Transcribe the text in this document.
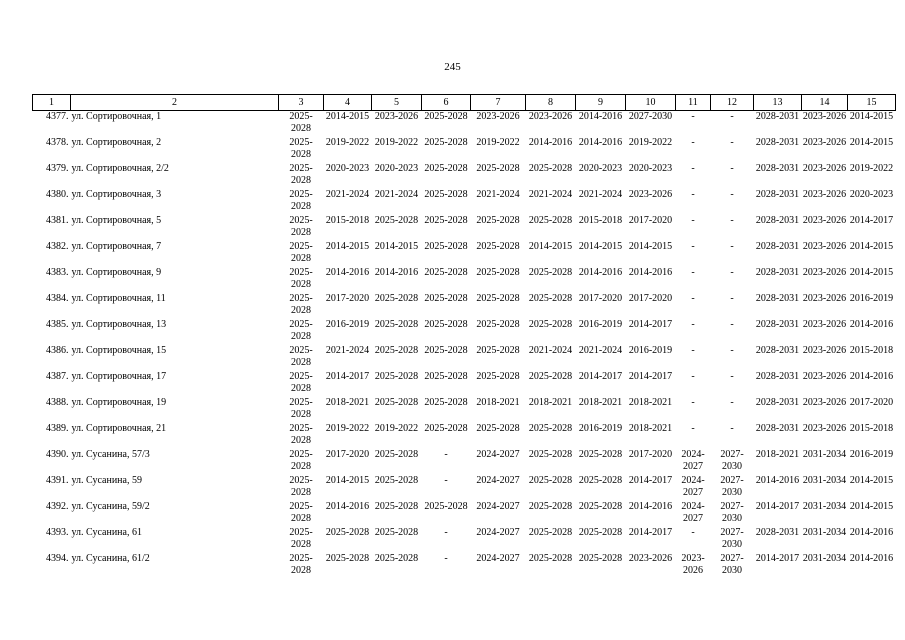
245
1	2	3	4	5	6	7	8	9	10	11	12	13	14	15
4377.	ул. Сортировочная, 1	2025-2028	2014-2015	2023-2026	2025-2028	2023-2026	2023-2026	2014-2016	2027-2030	-	-	2028-2031	2023-2026	2014-2015
4378.	ул. Сортировочная, 2	2025-2028	2019-2022	2019-2022	2025-2028	2019-2022	2014-2016	2014-2016	2019-2022	-	-	2028-2031	2023-2026	2014-2015
4379.	ул. Сортировочная, 2/2	2025-2028	2020-2023	2020-2023	2025-2028	2025-2028	2025-2028	2020-2023	2020-2023	-	-	2028-2031	2023-2026	2019-2022
4380.	ул. Сортировочная, 3	2025-2028	2021-2024	2021-2024	2025-2028	2021-2024	2021-2024	2021-2024	2023-2026	-	-	2028-2031	2023-2026	2020-2023
4381.	ул. Сортировочная, 5	2025-2028	2015-2018	2025-2028	2025-2028	2025-2028	2025-2028	2015-2018	2017-2020	-	-	2028-2031	2023-2026	2014-2017
4382.	ул. Сортировочная, 7	2025-2028	2014-2015	2014-2015	2025-2028	2025-2028	2014-2015	2014-2015	2014-2015	-	-	2028-2031	2023-2026	2014-2015
4383.	ул. Сортировочная, 9	2025-2028	2014-2016	2014-2016	2025-2028	2025-2028	2025-2028	2014-2016	2014-2016	-	-	2028-2031	2023-2026	2014-2015
4384.	ул. Сортировочная, 11	2025-2028	2017-2020	2025-2028	2025-2028	2025-2028	2025-2028	2017-2020	2017-2020	-	-	2028-2031	2023-2026	2016-2019
4385.	ул. Сортировочная, 13	2025-2028	2016-2019	2025-2028	2025-2028	2025-2028	2025-2028	2016-2019	2014-2017	-	-	2028-2031	2023-2026	2014-2016
4386.	ул. Сортировочная, 15	2025-2028	2021-2024	2025-2028	2025-2028	2025-2028	2021-2024	2021-2024	2016-2019	-	-	2028-2031	2023-2026	2015-2018
4387.	ул. Сортировочная, 17	2025-2028	2014-2017	2025-2028	2025-2028	2025-2028	2025-2028	2014-2017	2014-2017	-	-	2028-2031	2023-2026	2014-2016
4388.	ул. Сортировочная, 19	2025-2028	2018-2021	2025-2028	2025-2028	2018-2021	2018-2021	2018-2021	2018-2021	-	-	2028-2031	2023-2026	2017-2020
4389.	ул. Сортировочная, 21	2025-2028	2019-2022	2019-2022	2025-2028	2025-2028	2025-2028	2016-2019	2018-2021	-	-	2028-2031	2023-2026	2015-2018
4390.	ул. Сусанина, 57/3	2025-2028	2017-2020	2025-2028	-	2024-2027	2025-2028	2025-2028	2017-2020	2024-2027	2027-2030	2018-2021	2031-2034	2016-2019
4391.	ул. Сусанина, 59	2025-2028	2014-2015	2025-2028	-	2024-2027	2025-2028	2025-2028	2014-2017	2024-2027	2027-2030	2014-2016	2031-2034	2014-2015
4392.	ул. Сусанина, 59/2	2025-2028	2014-2016	2025-2028	2025-2028	2024-2027	2025-2028	2025-2028	2014-2016	2024-2027	2027-2030	2014-2017	2031-2034	2014-2015
4393.	ул. Сусанина, 61	2025-2028	2025-2028	2025-2028	-	2024-2027	2025-2028	2025-2028	2014-2017	-	2027-2030	2028-2031	2031-2034	2014-2016
4394.	ул. Сусанина, 61/2	2025-2028	2025-2028	2025-2028	-	2024-2027	2025-2028	2025-2028	2023-2026	2023-2026	2027-2030	2014-2017	2031-2034	2014-2016
